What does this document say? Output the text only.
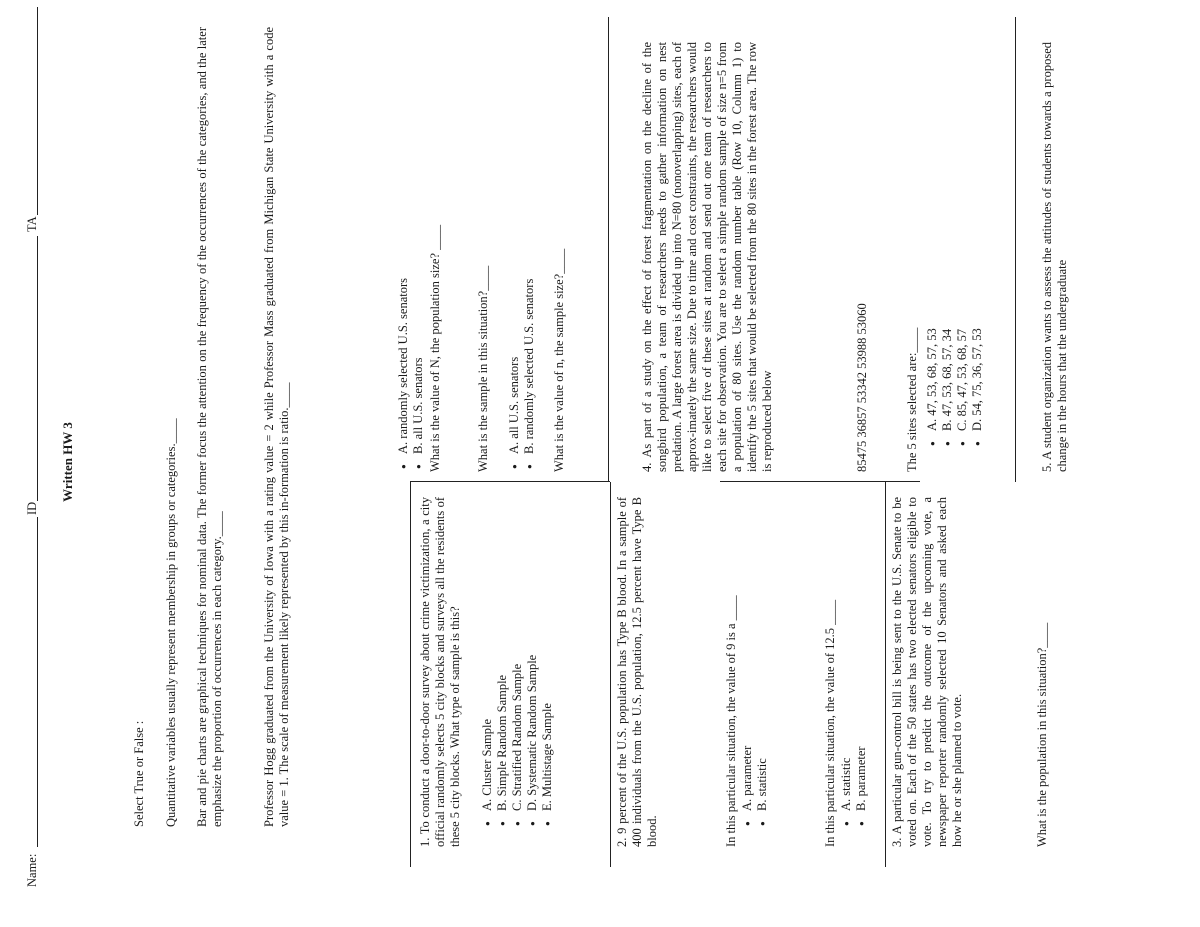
Name:
ID
TA
Written HW 3
Select True or False : Quantitative variables usually represent membership in groups or categories.____ Bar and pie charts are graphical techniques for nominal data. The former focus the attention on the frequency of the occurrences of the categories, and the later emphasize the proportion of occurrences in each category.____	Professor Hogg graduated from the University of Iowa with a rating value = 2 while Professor Mass graduated from Michigan State University with a code value = 1. The scale of measurement likely represented by this in-formation is ratio.____	1. To conduct a door-to-door survey about crime victimization, a city official randomly selects 5 city blocks and surveys all the residents of these 5 city blocks. What type of sample is this? ● A. Cluster Sample ● B. Simple Random Sample ● C. Stratified Random Sample ● D. Systematic Random Sample ● E. Multistage Sample	2. 9 percent of the U.S. population has Type B blood. In a sample of 400 individuals from the U.S. population, 12.5 percent have Type B blood.	In this particular situation, the value of 9 is a ____ ● A. parameter ● B. statistic	In this particular situation, the value of 12.5 ____ ● A. statistic ● B. parameter 3. A particular gun-control bill is being sent to the U.S. Senate to be voted on. Each of the 50 states has two elected senators eligible to vote. To try to predict the outcome of the upcoming vote, a newspaper reporter randomly selected 10 Senators and asked each how he or she planned to vote.	What is the population in this situation?____
● A. randomly selected U.S. senators ● B. all U.S. senators What is the value of N, the population size? ____	What is the sample in this situation?____ ● A. all U.S. senators ● B. randomly selected U.S. senators What is the value of n, the sample size?____	4. As part of a study on the effect of forest fragmentation on the decline of the songbird population, a team of researchers needs to gather information on nest predation. A large forest area is divided up into N=80 (nonoverlapping) sites, each of approx-imately the same size. Due to time and cost constraints, the researchers would like to select five of these sites at random and send out one team of researchers to each site for observation. You are to select a simple random sample of size n=5 from a population of 80 sites. Use the random number table (Row 10, Column 1) to identify the 5 sites that would be selected from the 80 sites in the forest area. The row is reproduced below	85475 36857 53342 53988 53060	The 5 sites selected are:____ ● A. 47, 53, 68, 57, 53 ● B. 47, 53, 68, 57, 34 ● C. 85, 47, 53, 68, 57 ● D. 54, 75, 36, 57, 53	5. A student organization wants to assess the attitudes of students towards a proposed change in the hours that the undergraduate
